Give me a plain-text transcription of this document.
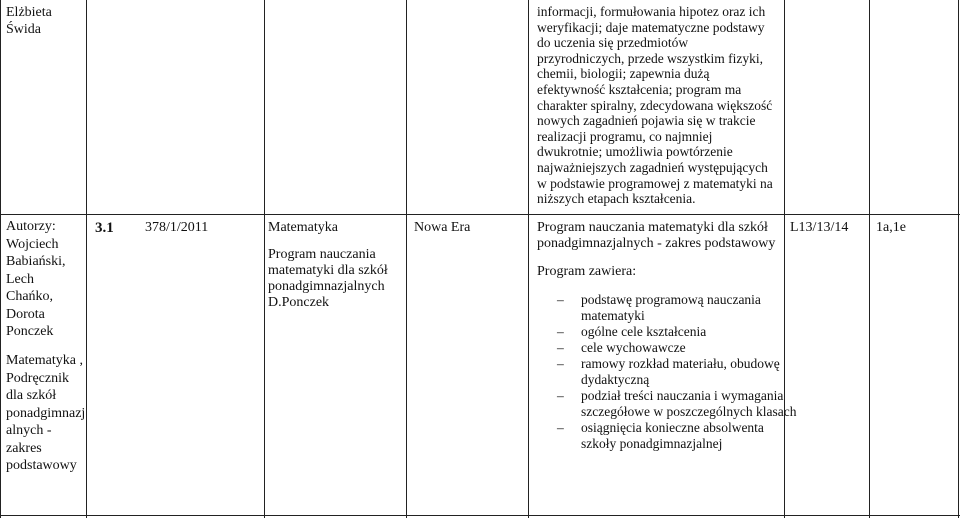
Elżbieta Świda
informacji, formułowania hipotez oraz ich weryfikacji; daje matematyczne podstawy do uczenia się przedmiotów przyrodniczych, przede wszystkim fizyki, chemii, biologii; zapewnia dużą efektywność kształcenia; program ma charakter spiralny, zdecydowana większość nowych zagadnień pojawia się w trakcie realizacji programu, co najmniej dwukrotnie; umożliwia powtórzenie najważniejszych zagadnień występujących w podstawie programowej z matematyki na niższych etapach kształcenia.
Autorzy: Wojciech Babiański, Lech Chańko, Dorota Ponczek
Matematyka , Podręcznik dla szkół ponadgimnazj alnych - zakres podstawowy
3.1 378/1/2011	Matematyka
Program nauczania matematyki dla szkół ponadgimnazjalnych D.Ponczek
Nowa Era	Program nauczania matematyki dla szkół ponadgimnazjalnych - zakres podstawowy
Program zawiera:
– podstawę programową nauczania matematyki
– ogólne cele kształcenia
– cele wychowawcze
– ramowy rozkład materiału, obudowę dydaktyczną
– podział treści nauczania i wymagania szczegółowe w poszczególnych klasach
– osiągnięcia konieczne absolwenta szkoły ponadgimnazjalnej
L13/13/14 1a,1e
